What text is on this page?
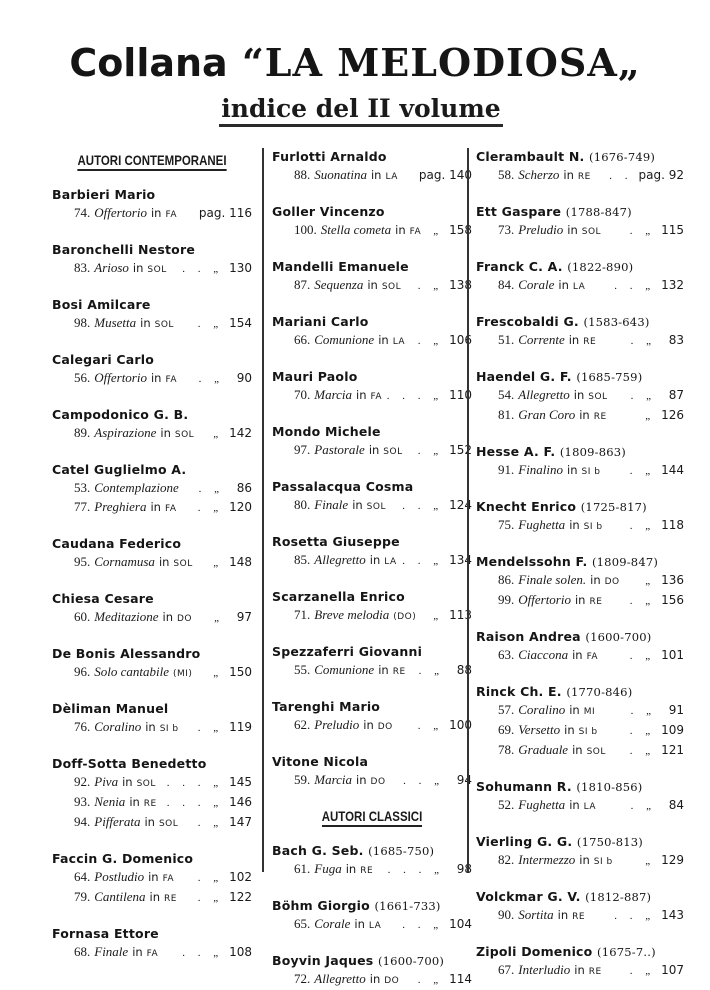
Collana “LA MELODIOSA„
indice del II volume
AUTORI CONTEMPORANEI
Barbieri Mario
74. Offertorio in FA pag. 116
Baronchelli Nestore
83. Arioso in SOL	. . „ 130
Bosi Amilcare
98. Musetta in SOL	. „ 154
Calegari Carlo
56. Offertorio in FA	. „	90
Campodonico G. B.
89. Aspirazione in SOL	„ 142
Catel Guglielmo A.
53. Contemplazione	. „	86
77. Preghiera in FA	. „ 120
Caudana Federico
95. Cornamusa in SOL	„ 148
Chiesa Cesare
60. Meditazione in DO	„	97
De Bonis Alessandro
96. Solo cantabile (MI)	„ 150
Dèliman Manuel
76. Coralino in SI b	. „ 119
Doff-Sotta Benedetto
92. Piva in SOL . . . „ 145
93. Nenia in RE . . . „ 146
94. Pifferata in SOL	. „ 147
Faccin G. Domenico
64. Postludio in FA	. „ 102
79. Cantilena in RE	. „ 122
Fornasa Ettore
68. Finale in FA	. . „ 108
Furlotti Arnaldo
88. Suonatina in LA pag. 140
Goller Vincenzo
100. Stella cometa in FA	„ 158
Mandelli Emanuele
87. Sequenza in SOL	. „ 138
Mariani Carlo
66. Comunione in LA	. „ 106
Mauri Paolo
70. Marcia in FA . . . „ 110
Mondo Michele
97. Pastorale in SOL	. „ 152
Passalacqua Cosma
80. Finale in SOL	. . „ 124
Rosetta Giuseppe
85. Allegretto in LA . . „ 134
Scarzanella Enrico
71. Breve melodia (DO)	„ 113
Spezzaferri Giovanni
55. Comunione in RE	. „	88
Tarenghi Mario
62. Preludio in DO	. „ 100
Vitone Nicola
59. Marcia in DO	. . „	94
AUTORI CLASSICI
Bach G. Seb. (1685-750)
61. Fuga in RE	. . . „	98
Böhm Giorgio (1661-733)
65. Corale in LA	. . „ 104
Boyvin Jaques (1600-700)
72. Allegretto in DO	. „ 114
Clerambault N. (1676-749)
58. Scherzo in RE	. . pag. 92
Ett Gaspare (1788-847)
73. Preludio in SOL	. „ 115
Franck C. A. (1822-890)
84. Corale in LA	. . „ 132
Frescobaldi G. (1583-643)
51. Corrente in RE	. „	83
Haendel G. F. (1685-759)
54. Allegretto in SOL	. „	87
81. Gran Coro in RE	„ 126
Hesse A. F. (1809-863)
91. Finalino in SI b	. „ 144
Knecht Enrico (1725-817)
75. Fughetta in SI b	. „ 118
Mendelssohn F. (1809-847)
86. Finale solen. in DO	„ 136
99. Offertorio in RE	. „ 156
Raison Andrea (1600-700)
63. Ciaccona in FA	. „ 101
Rinck Ch. E. (1770-846)
57. Coralino in MI	. „	91
69. Versetto in SI b	. „ 109
78. Graduale in SOL	. „ 121
Sohumann R. (1810-856)
52. Fughetta in LA	. „	84
Vierling G. G. (1750-813)
82. Intermezzo in SI b	„ 129
Volckmar G. V. (1812-887)
90. Sortita in RE	. . „ 143
Zipoli Domenico (1675-7..)
67. Interludio in RE	. „ 107
